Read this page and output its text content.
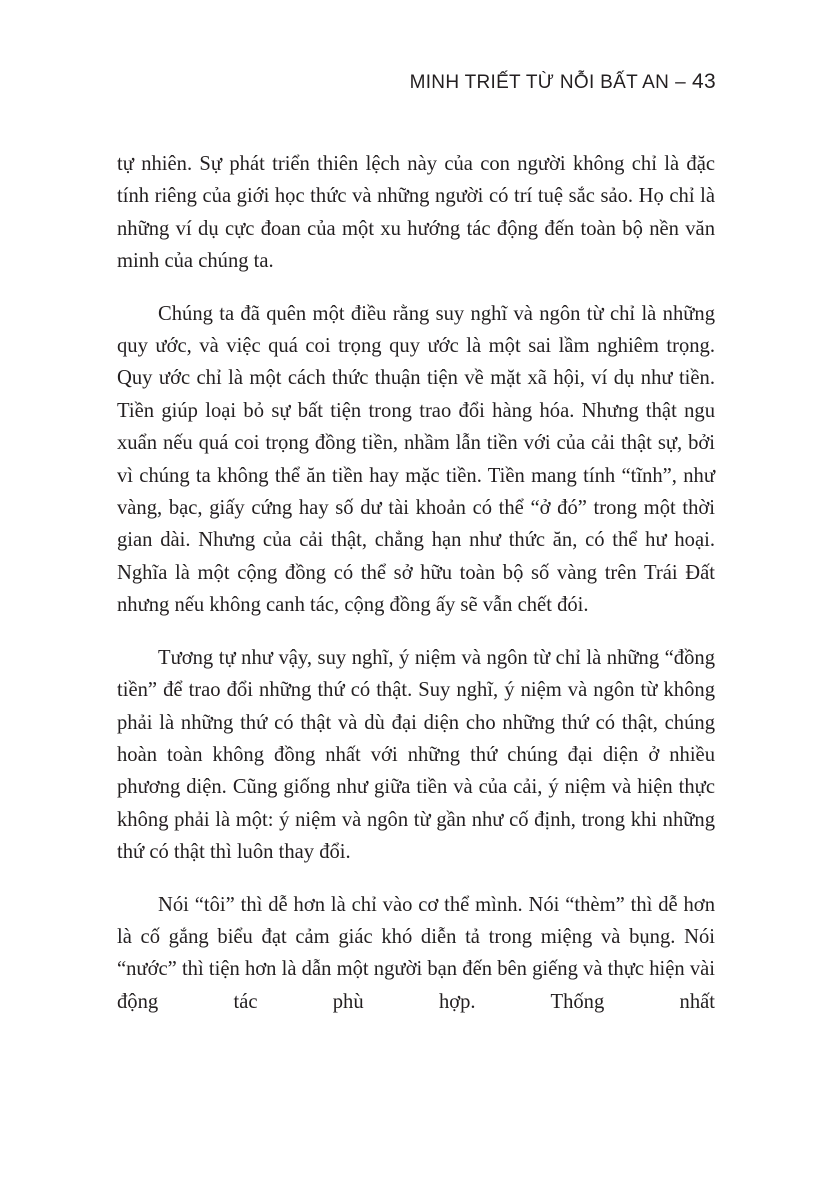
MINH TRIẾT TỪ NỖI BẤT AN – 43

tự nhiên. Sự phát triển thiên lệch này của con người không chỉ là đặc tính riêng của giới học thức và những người có trí tuệ sắc sảo. Họ chỉ là những ví dụ cực đoan của một xu hướng tác động đến toàn bộ nền văn minh của chúng ta.

Chúng ta đã quên một điều rằng suy nghĩ và ngôn từ chỉ là những quy ước, và việc quá coi trọng quy ước là một sai lầm nghiêm trọng. Quy ước chỉ là một cách thức thuận tiện về mặt xã hội, ví dụ như tiền. Tiền giúp loại bỏ sự bất tiện trong trao đổi hàng hóa. Nhưng thật ngu xuẩn nếu quá coi trọng đồng tiền, nhầm lẫn tiền với của cải thật sự, bởi vì chúng ta không thể ăn tiền hay mặc tiền. Tiền mang tính “tĩnh”, như vàng, bạc, giấy cứng hay số dư tài khoản có thể “ở đó” trong một thời gian dài. Nhưng của cải thật, chẳng hạn như thức ăn, có thể hư hoại. Nghĩa là một cộng đồng có thể sở hữu toàn bộ số vàng trên Trái Đất nhưng nếu không canh tác, cộng đồng ấy sẽ vẫn chết đói.

Tương tự như vậy, suy nghĩ, ý niệm và ngôn từ chỉ là những “đồng tiền” để trao đổi những thứ có thật. Suy nghĩ, ý niệm và ngôn từ không phải là những thứ có thật và dù đại diện cho những thứ có thật, chúng hoàn toàn không đồng nhất với những thứ chúng đại diện ở nhiều phương diện. Cũng giống như giữa tiền và của cải, ý niệm và hiện thực không phải là một: ý niệm và ngôn từ gần như cố định, trong khi những thứ có thật thì luôn thay đổi.

Nói “tôi” thì dễ hơn là chỉ vào cơ thể mình. Nói “thèm” thì dễ hơn là cố gắng biểu đạt cảm giác khó diễn tả trong miệng và bụng. Nói “nước” thì tiện hơn là dẫn một người bạn đến bên giếng và thực hiện vài động tác phù hợp. Thống nhất
